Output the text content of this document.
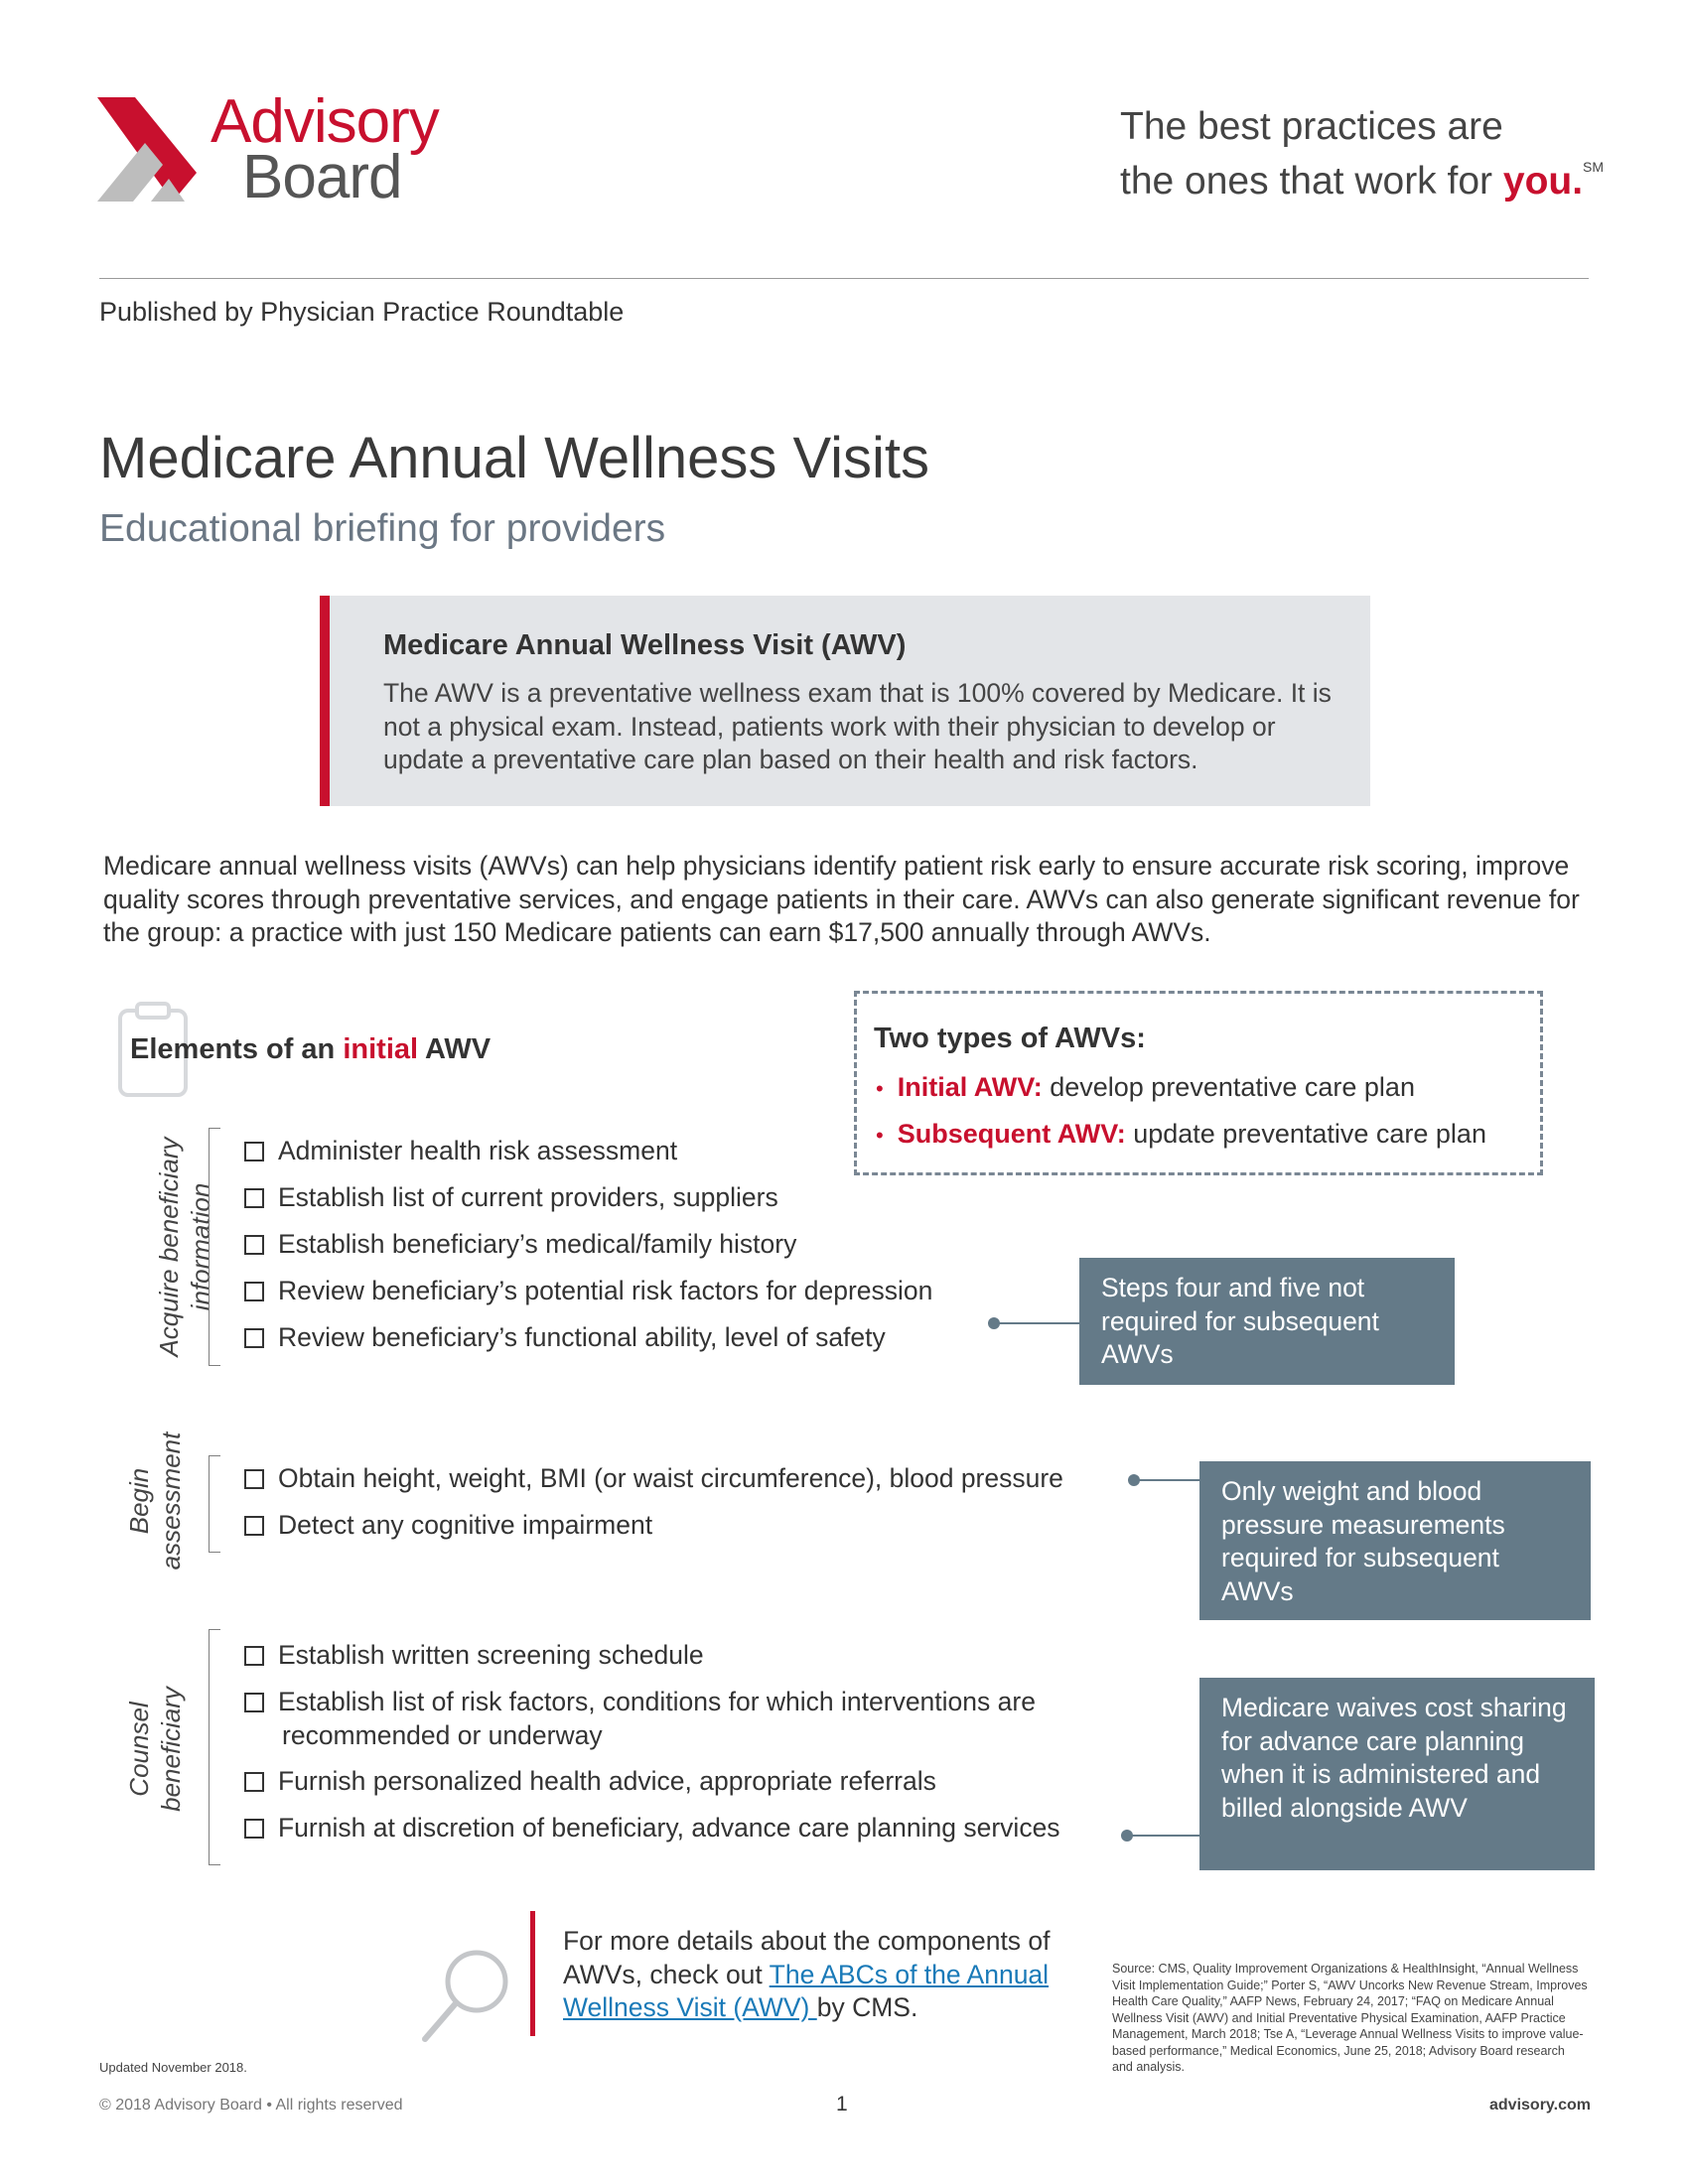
Advisory
Board
The best practices are
the ones that work for you.℠
Published by Physician Practice Roundtable
Medicare Annual Wellness Visits
Educational briefing for providers
Medicare Annual Wellness Visit (AWV)
The AWV is a preventative wellness exam that is 100% covered by Medicare. It is not a physical exam. Instead, patients work with their physician to develop or update a preventative care plan based on their health and risk factors.
Medicare annual wellness visits (AWVs) can help physicians identify patient risk early to ensure accurate risk scoring, improve quality scores through preventative services, and engage patients in their care. AWVs can also generate significant revenue for the group: a practice with just 150 Medicare patients can earn $17,500 annually through AWVs.
Elements of an initial AWV	Two types of AWVs:
• Initial AWV: develop preventative care plan
• Subsequent AWV: update preventative care plan
Acquire beneficiary information
Administer health risk assessment
Establish list of current providers, suppliers
Establish beneficiary’s medical/family history
Review beneficiary’s potential risk factors for depression
Review beneficiary’s functional ability, level of safety
Steps four and five not required for subsequent AWVs
Begin assessment	Obtain height, weight, BMI (or waist circumference), blood pressure
Detect any cognitive impairment
Only weight and blood pressure measurements required for subsequent AWVs
Counsel beneficiary
Establish written screening schedule
Establish list of risk factors, conditions for which interventions are
recommended or underway
Furnish personalized health advice, appropriate referrals
Furnish at discretion of beneficiary, advance care planning services
Medicare waives cost sharing for advance care planning when it is administered and billed alongside AWV
For more details about the components of AWVs, check out The ABCs of the Annual Wellness Visit (AWV) by CMS.
Source: CMS, Quality Improvement Organizations & HealthInsight, “Annual Wellness Visit Implementation Guide;” Porter S, “AWV Uncorks New Revenue Stream, Improves Health Care Quality,” AAFP News, February 24, 2017; “FAQ on Medicare Annual Wellness Visit (AWV) and Initial Preventative Physical Examination, AAFP Practice Management, March 2018; Tse A, “Leverage Annual Wellness Visits to improve value-based performance,” Medical Economics, June 25, 2018; Advisory Board research and analysis.
Updated November 2018.
© 2018 Advisory Board • All rights reserved	1	advisory.com
